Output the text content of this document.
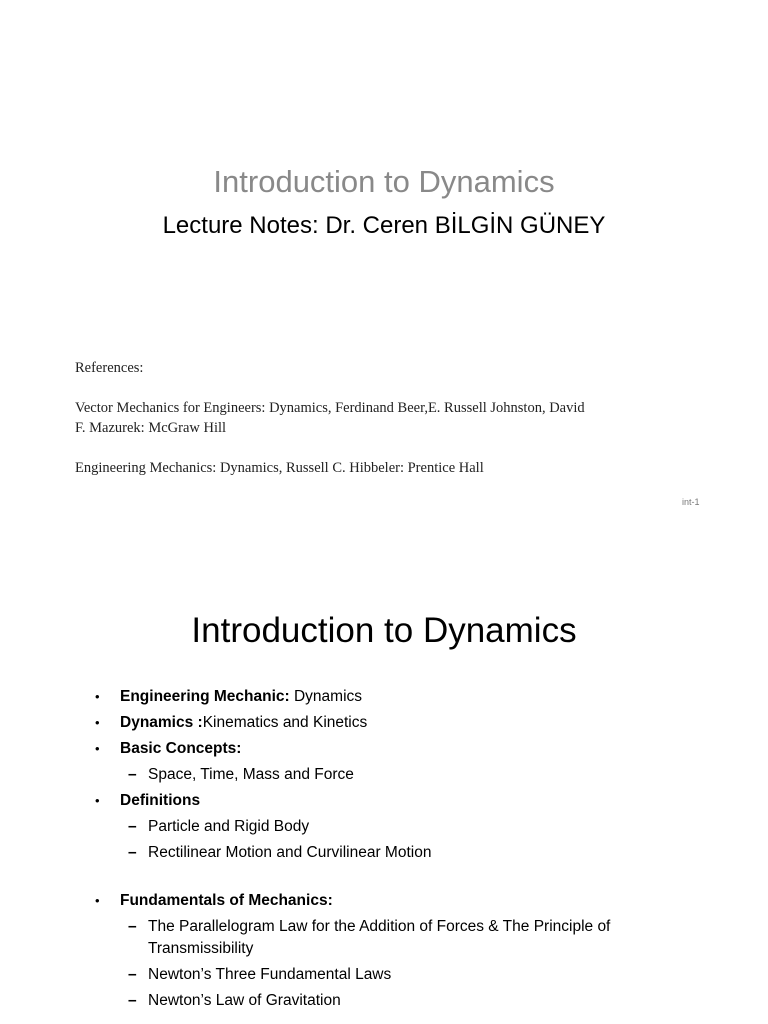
Introduction to Dynamics
Lecture Notes: Dr. Ceren BİLGİN GÜNEY

References:

Vector Mechanics for Engineers: Dynamics, Ferdinand Beer,E. Russell Johnston, David

F. Mazurek: McGraw Hill

Engineering Mechanics: Dynamics, Russell C. Hibbeler: Prentice Hall

int-1
Introduction to Dynamics
• Engineering Mechanic: Dynamics
• Dynamics :Kinematics and Kinetics
• Basic Concepts:
– Space, Time, Mass and Force
• Definitions
– Particle and Rigid Body
– Rectilinear Motion and Curvilinear Motion
• Fundamentals of Mechanics:
– The Parallelogram Law for the Addition of Forces & The Principle of Transmissibility
– Newton’s Three Fundamental Laws
– Newton’s Law of Gravitation
